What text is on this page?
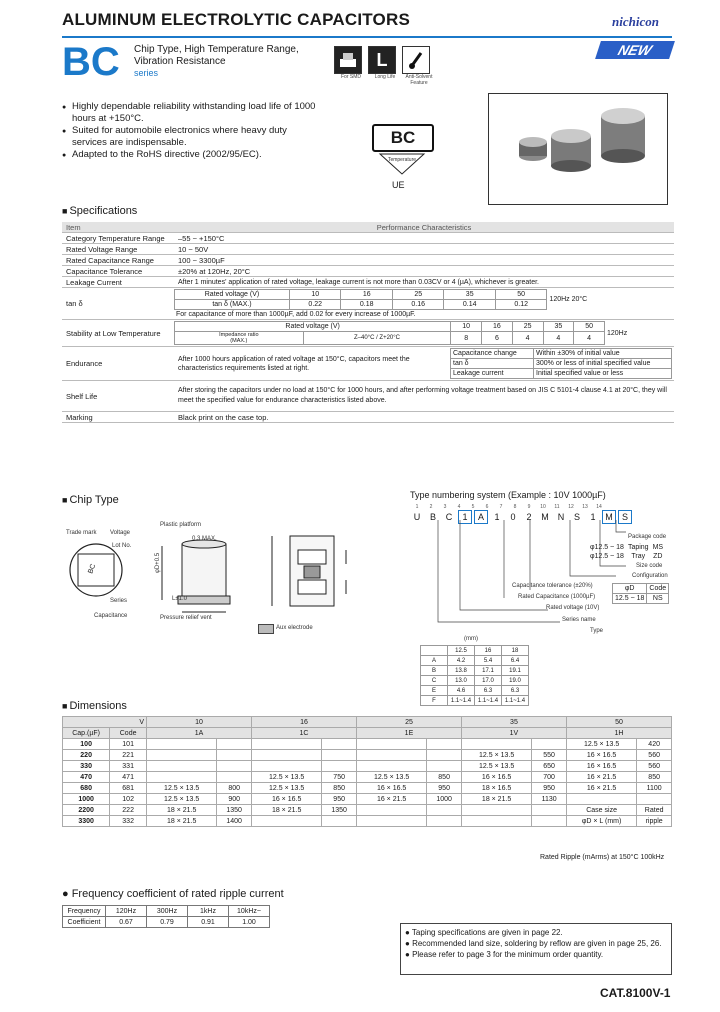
ALUMINUM ELECTROLYTIC CAPACITORS	nichicon
NEW
BC Chip Type, High Temperature Range,
Vibration Resistance
series	For SMD
L
Long Life	Anti-Solvent Feature
● Highly dependable reliability withstanding load life of 1000 hours at +150°C.
● Suited for automobile electronics where heavy duty services are indispensable.
● Adapted to the RoHS directive (2002/95/EC).
BC
Temperature
UE
■ Specifications
Item	Performance Characteristics
Category Temperature Range	–55 ~ +150°C
Rated Voltage Range	10 ~ 50V
Rated Capacitance Range	100 ~ 3300µF
Capacitance Tolerance	±20% at 120Hz, 20°C
Leakage Current	After 1 minutes' application of rated voltage, leakage current is not more than 0.03CV or 4 (µA), whichever is greater.
tan δ	
Rated voltage (V)	10	16	25	35	50	120Hz 20°C
tan δ (MAX.)	0.22	0.18	0.16	0.14	0.12
For capacitance of more than 1000µF, add 0.02 for every increase of 1000µF.

Stability at Low Temperature	
Rated voltage (V)	10	16	25	35	50	120Hz
Impedance ratio
(MAX.)	Z–40°C / Z+20°C	8	6	4	4	4

Endurance	After 1000 hours application of rated voltage at 150°C, capacitors meet the characteristics requirements listed at right.	
Capacitance change	Within ±30% of initial value
tan δ	300% or less of initial specified value
Leakage current	Initial specified value or less

Shelf Life	After storing the capacitors under no load at 150°C for 1000 hours, and after performing voltage treatment based on JIS C 5101-4 clause 4.1 at 20°C, they will meet the specified value for endurance characteristics listed above.
Marking	Black print on the case top.
■ Chip Type
BC
Trade mark Voltage
Lot No.
Series
Capacitance
Plastic platform
0.3 MAX.
L±1.0
Pressure relief vent
φD+0.5
Aux electrode
Type numbering system (Example : 10V 1000µF)
1	2	3	4	5	6	7	8	9	10	11	12	13	14
U	B	C	1	A	1	0	2	M	N	S	1	M	S
Package code
φ12.5 ~ 18	Taping	MS
φ12.5 ~ 18	Tray	ZD
Size code
Configuration
φD	Code
12.5 ~ 18	NS
Capacitance tolerance (±20%)
Rated Capacitance (1000µF)
Rated voltage (10V)
Series name
Type
(mm)
	12.5	16	18
A	4.2	5.4	6.4
B	13.8	17.1	19.1
C	13.0	17.0	19.0
E	4.6	6.3	6.3
F	1.1~1.4	1.1~1.4	1.1~1.4
■ Dimensions
V		10		16		25		35		50	
Cap.(µF)	Code	1A		1C		1E		1V		1H	
100	101									12.5 × 13.5	420
220	221							12.5 × 13.5	550	16 × 16.5	560
330	331							12.5 × 13.5	650	16 × 16.5	560
470	471			12.5 × 13.5	750	12.5 × 13.5	850	16 × 16.5	700	16 × 21.5	850
680	681	12.5 × 13.5	800	12.5 × 13.5	850	16 × 16.5	950	18 × 16.5	950	16 × 21.5	1100
1000	102	12.5 × 13.5	900	16 × 16.5	950	16 × 21.5	1000	18 × 21.5	1130		
2200	222	18 × 21.5	1350	18 × 21.5	1350					Case size	Rated
3300	332	18 × 21.5	1400							φD × L (mm)	ripple
Rated Ripple (mArms) at 150°C 100kHz
● Frequency coefficient of rated ripple current
Frequency	120Hz	300Hz	1kHz	10kHz~
Coefficient	0.67	0.79	0.91	1.00
● Taping specifications are given in page 22.
● Recommended land size, soldering by reflow are given in page 25, 26.
● Please refer to page 3 for the minimum order quantity.
CAT.8100V-1
